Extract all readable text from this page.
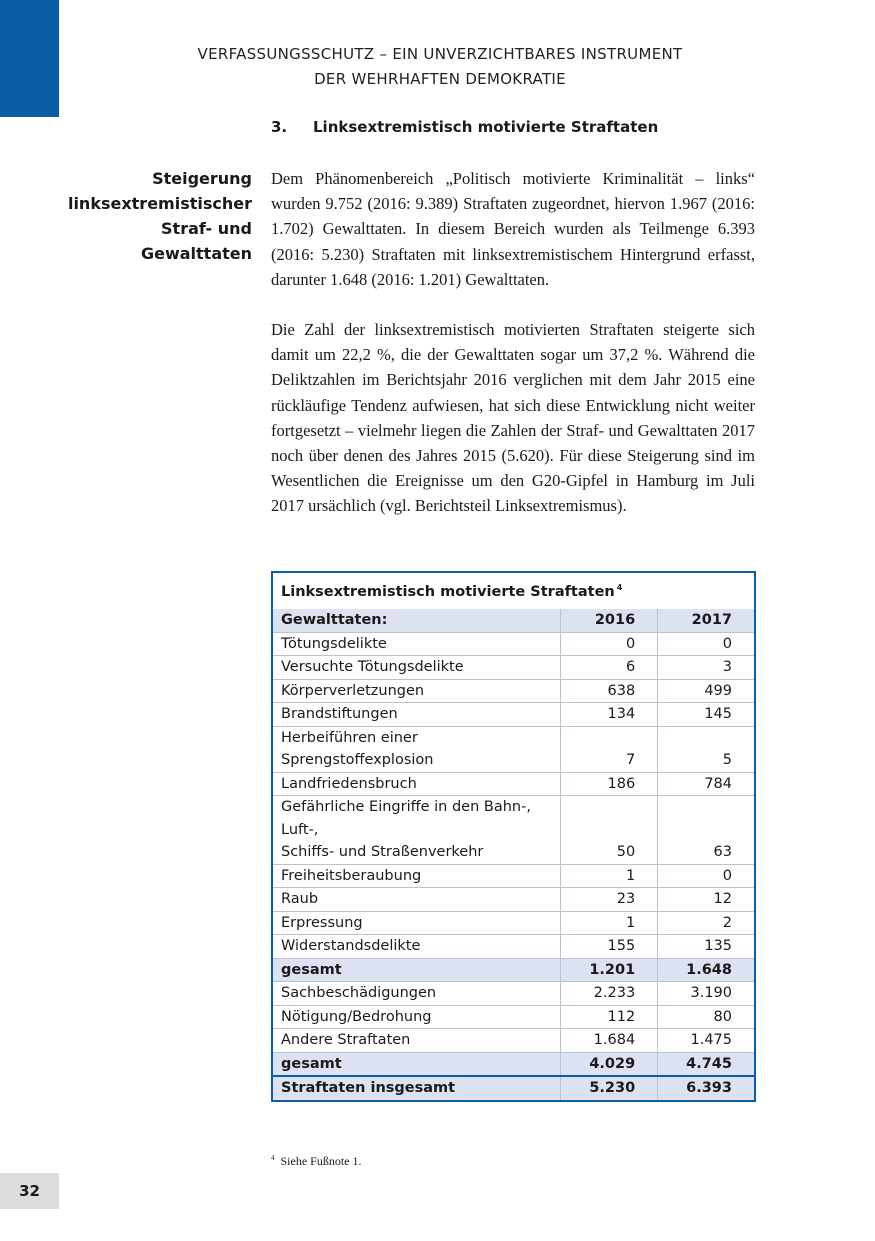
VERFASSUNGSSCHUTZ – EIN UNVERZICHTBARES INSTRUMENT
DER WEHRHAFTEN DEMOKRATIE
3. Linksextremistisch motivierte Straftaten
Steigerung
linksextremistischer
Straf- und
Gewalttaten

Dem Phänomenbereich „Politisch motivierte Kriminalität – links“ wurden 9.752 (2016: 9.389) Straftaten zugeordnet, hiervon 1.967 (2016: 1.702) Gewalttaten. In diesem Bereich wurden als Teilmenge 6.393 (2016: 5.230) Straftaten mit linksextremistischem Hintergrund erfasst, darunter 1.648 (2016: 1.201) Gewalttaten.

Die Zahl der linksextremistisch motivierten Straftaten steigerte sich damit um 22,2 %, die der Gewalttaten sogar um 37,2 %. Während die Deliktzahlen im Berichtsjahr 2016 verglichen mit dem Jahr 2015 eine rückläufige Tendenz aufwiesen, hat sich diese Entwicklung nicht weiter fortgesetzt – vielmehr liegen die Zahlen der Straf- und Gewalttaten 2017 noch über denen des Jahres 2015 (5.620). Für diese Steigerung sind im Wesentlichen die Ereignisse um den G20-Gipfel in Hamburg im Juli 2017 ursächlich (vgl. Berichtsteil Linksextremismus).

Linksextremistisch motivierte Straftaten $^4$
Gewalttaten:	2016	2017
Tötungsdelikte	0	0
Versuchte Tötungsdelikte	6	3
Körperverletzungen	638	499
Brandstiftungen	134	145
Herbeiführen einer Sprengstoffexplosion	7	5
Landfriedensbruch	186	784

Gefährliche Eingriffe in den Bahn-, Luft-,
Schiffs- und Straßenverkehr	50	63
Freiheitsberaubung	1	0
Raub	23	12
Erpressung	1	2
Widerstandsdelikte	155	135
gesamt	1.201	1.648
Sachbeschädigungen	2.233	3.190
Nötigung/Bedrohung	112	80
Andere Straftaten	1.684	1.475
gesamt	4.029	4.745
Straftaten insgesamt	5.230	6.393
$^4$ Siehe Fußnote 1.
32
